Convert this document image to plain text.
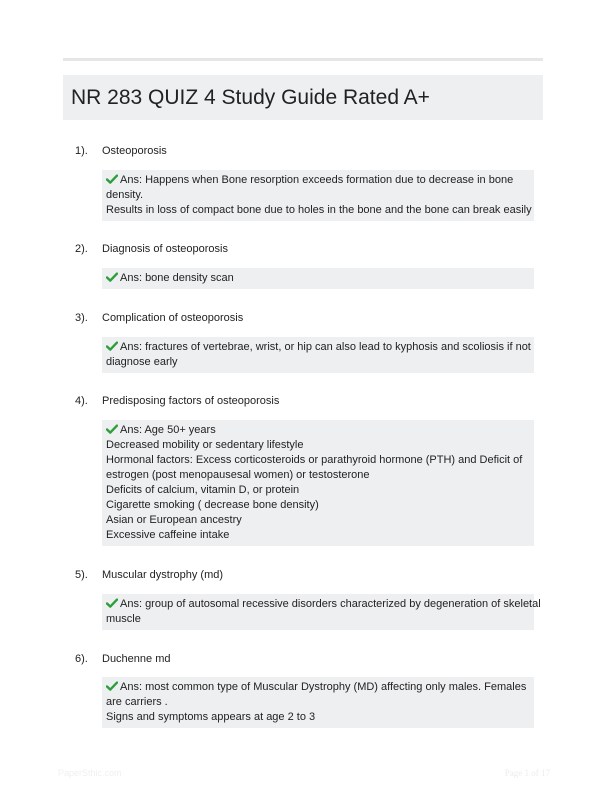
NR 283 QUIZ 4 Study Guide Rated A+
1). Osteoporosis
Ans: Happens when Bone resorption exceeds formation due to decrease in bone
density.
Results in loss of compact bone due to holes in the bone and the bone can break easily
2). Diagnosis of osteoporosis
Ans: bone density scan
3). Complication of osteoporosis
Ans: fractures of vertebrae, wrist, or hip can also lead to kyphosis and scoliosis if not
diagnose early
4). Predisposing factors of osteoporosis
Ans: Age 50+ years
Decreased mobility or sedentary lifestyle
Hormonal factors: Excess corticosteroids or parathyroid hormone (PTH) and Deficit of
estrogen (post menopausesal women) or testosterone
Deficits of calcium, vitamin D, or protein
Cigarette smoking ( decrease bone density)
Asian or European ancestry
Excessive caffeine intake
5). Muscular dystrophy (md)
Ans: group of autosomal recessive disorders characterized by degeneration of skeletal
muscle
6). Duchenne md
Ans: most common type of Muscular Dystrophy (MD) affecting only males. Females
are carriers .
Signs and symptoms appears at age 2 to 3
PaperSthic.com	Page 1 of 17
